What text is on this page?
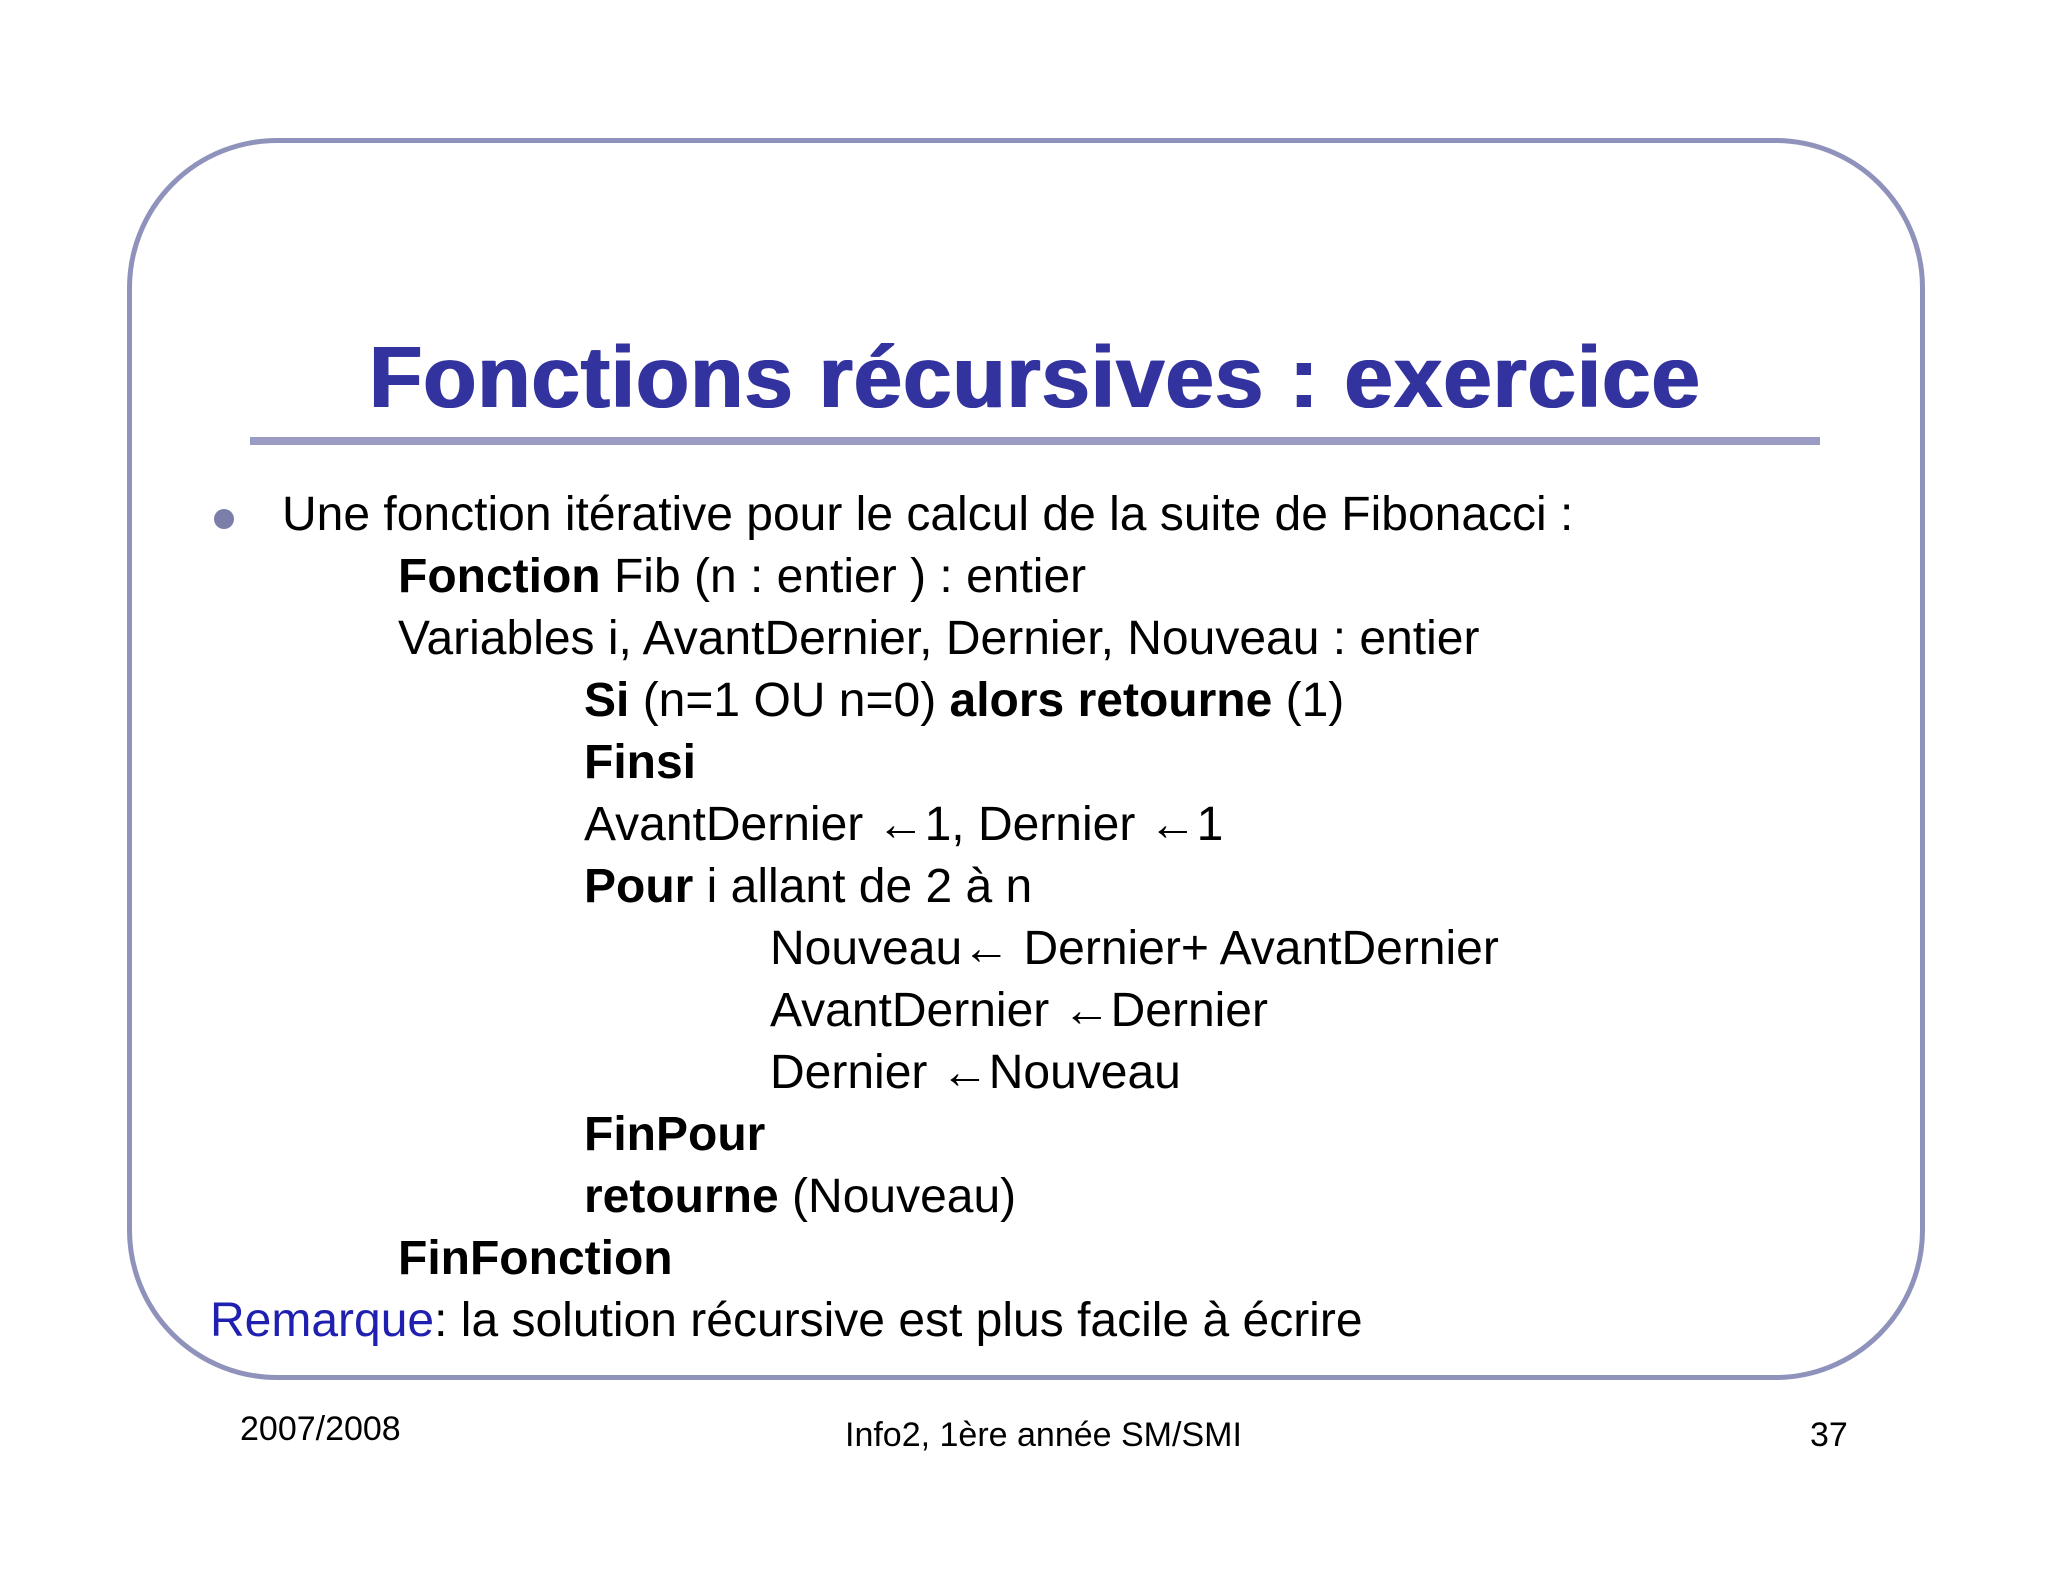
Fonctions récursives : exercice
Une fonction itérative pour le calcul de la suite de Fibonacci :
Fonction Fib (n : entier ) : entier
Variables i, AvantDernier, Dernier, Nouveau : entier
Si (n=1 OU n=0) alors retourne (1)
Finsi
AvantDernier ←1, Dernier ←1
Pour i allant de 2 à n
Nouveau← Dernier+ AvantDernier
AvantDernier ←Dernier
Dernier ←Nouveau
FinPour
retourne (Nouveau)
FinFonction
Remarque: la solution récursive est plus facile à écrire
2007/2008	Info2, 1ère année SM/SMI	37
